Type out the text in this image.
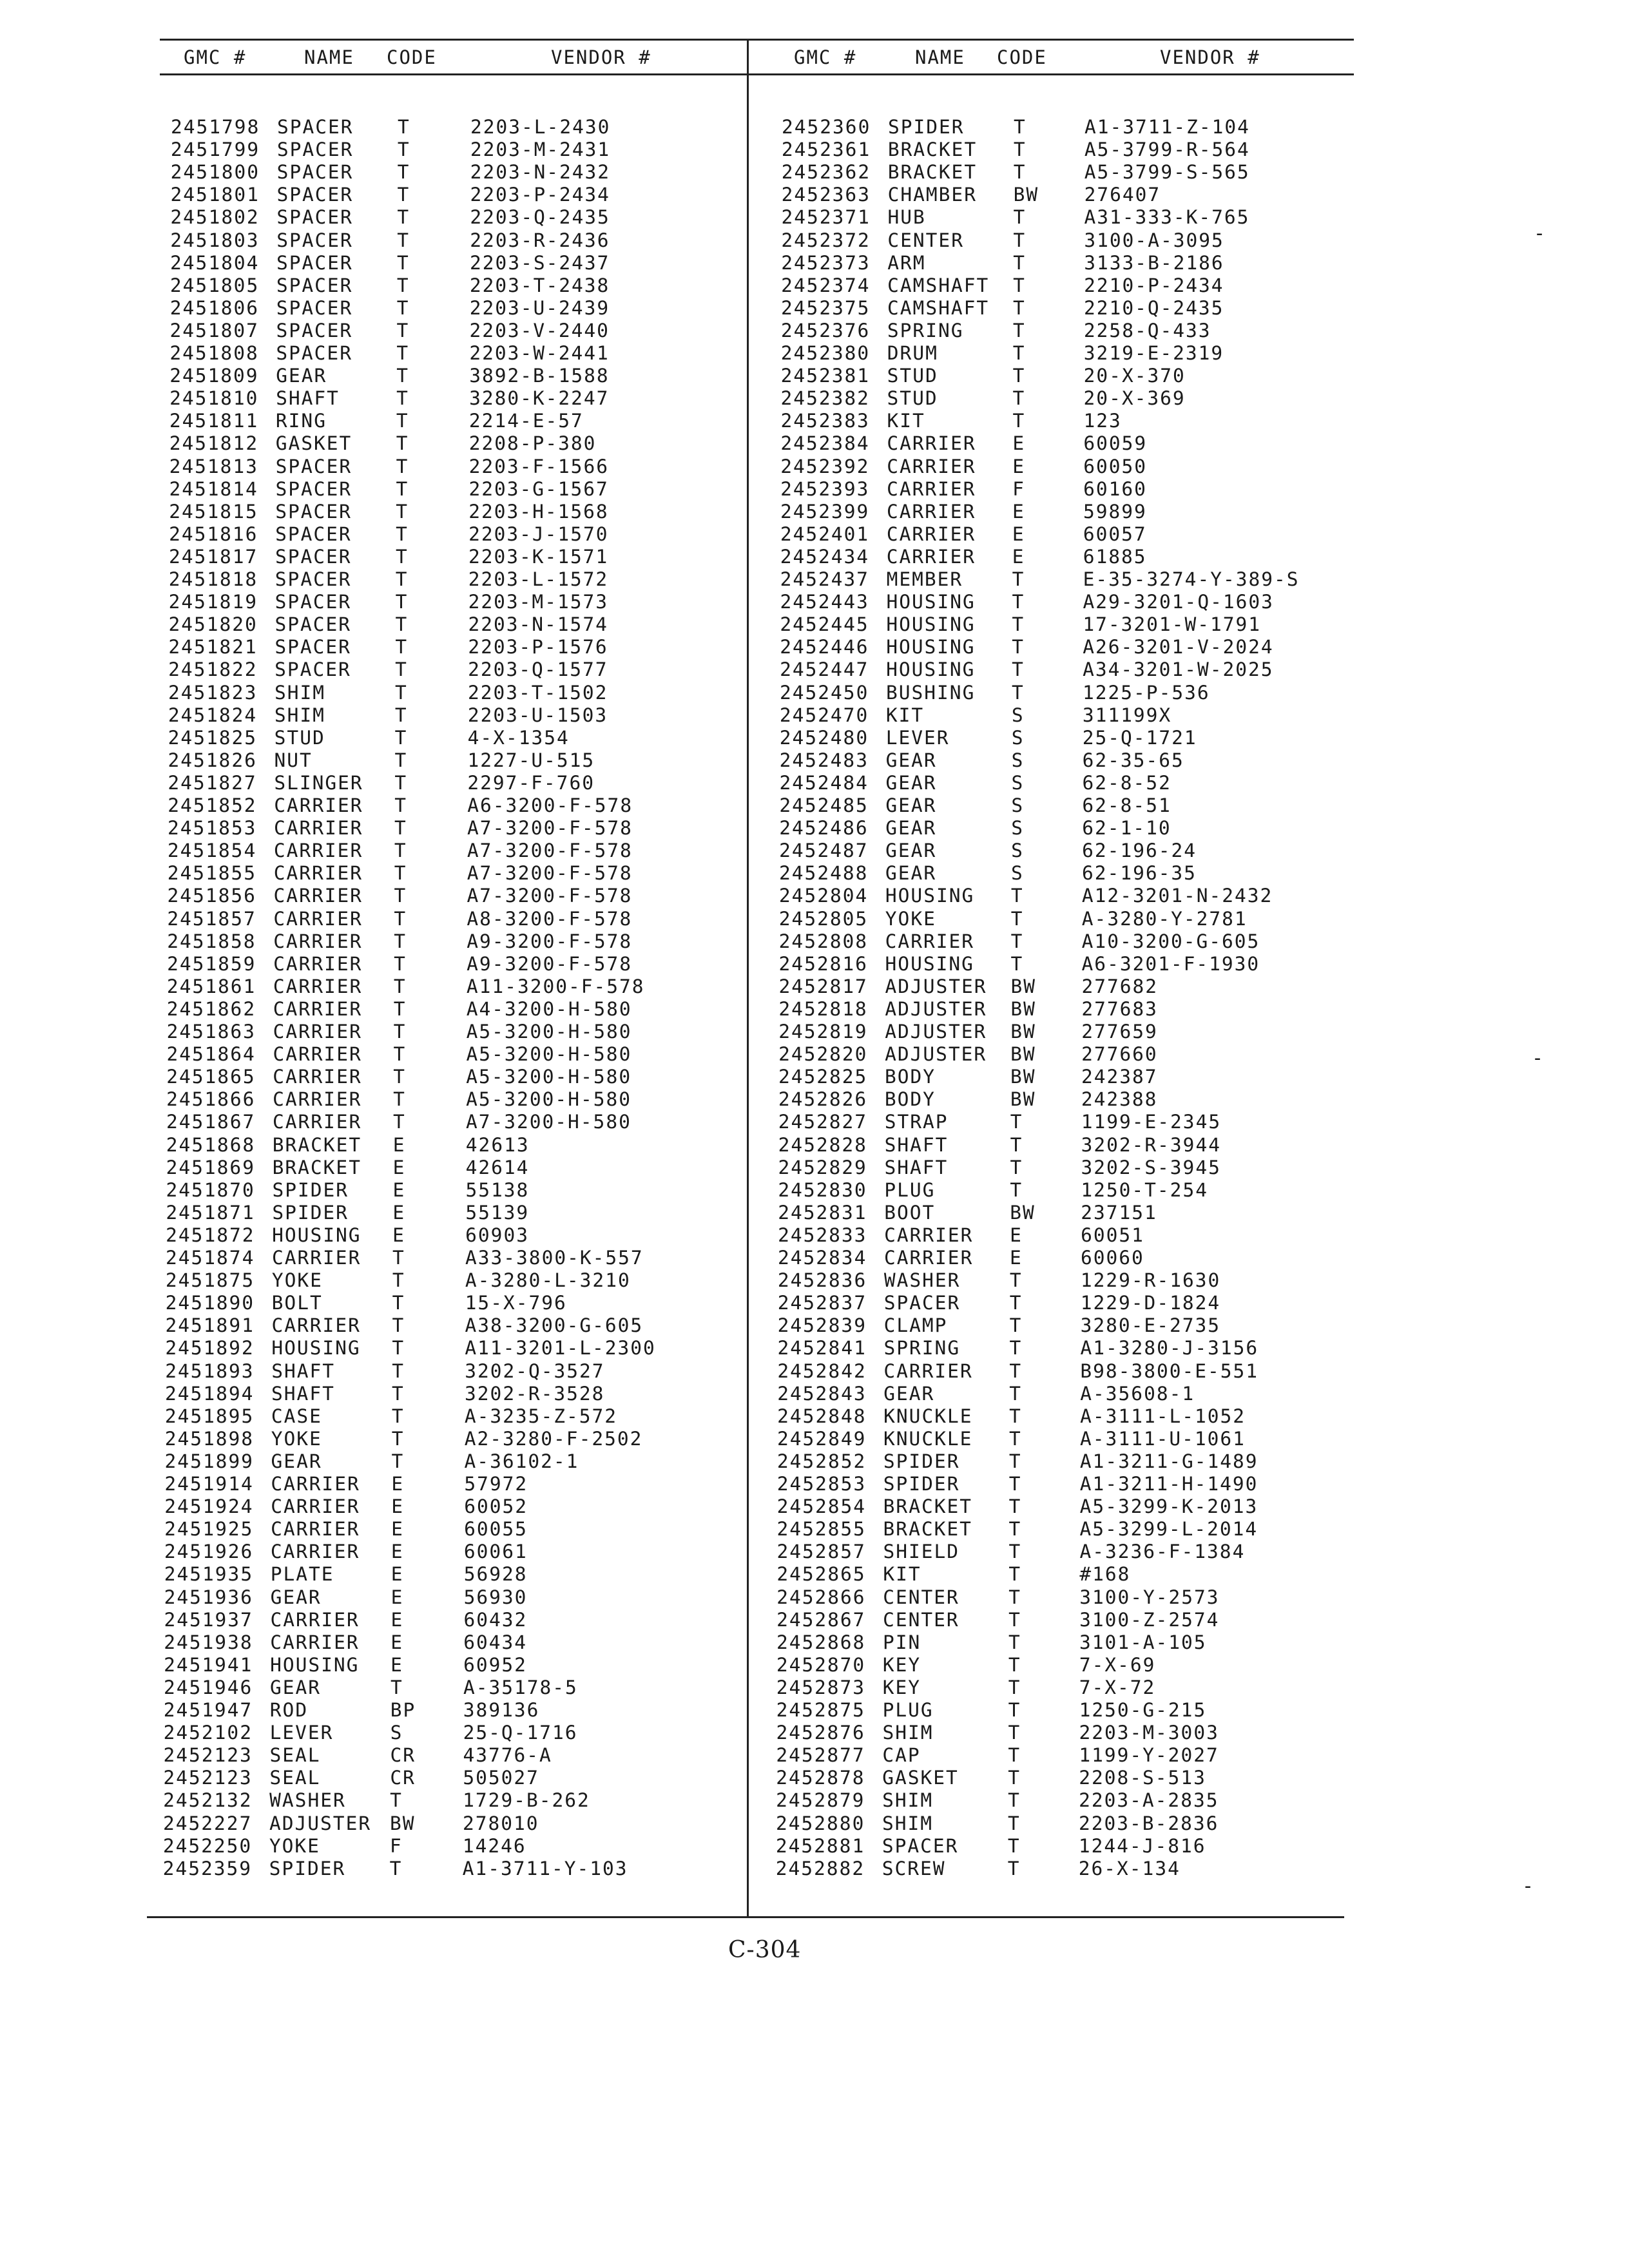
GMC #	NAME CODE	VENDOR #	GMC #	NAME CODE	VENDOR #
2451798 SPACER T	2203-L-2430
2451799 SPACER T	2203-M-2431
2451800 SPACER T	2203-N-2432
2451801 SPACER T	2203-P-2434
2451802 SPACER T	2203-Q-2435
2451803 SPACER T	2203-R-2436
2451804 SPACER T	2203-S-2437
2451805 SPACER T	2203-T-2438
2451806 SPACER T	2203-U-2439
2451807 SPACER T	2203-V-2440
2451808 SPACER T	2203-W-2441
2451809 GEAR	T	3892-B-1588
2451810 SHAFT	T	3280-K-2247
2451811 RING	T	2214-E-57
2451812 GASKET T	2208-P-380
2451813 SPACER T	2203-F-1566
2451814 SPACER T	2203-G-1567
2451815 SPACER T	2203-H-1568
2451816 SPACER T	2203-J-1570
2451817 SPACER T	2203-K-1571
2451818 SPACER T	2203-L-1572
2451819 SPACER T	2203-M-1573
2451820 SPACER T	2203-N-1574
2451821 SPACER T	2203-P-1576
2451822 SPACER T	2203-Q-1577
2451823 SHIM	T	2203-T-1502
2451824 SHIM	T	2203-U-1503
2451825 STUD	T	4-X-1354
2451826 NUT	T	1227-U-515
2451827 SLINGER T	2297-F-760
2451852 CARRIER T	A6-3200-F-578
2451853 CARRIER T	A7-3200-F-578
2451854 CARRIER T	A7-3200-F-578
2451855 CARRIER T	A7-3200-F-578
2451856 CARRIER T	A7-3200-F-578
2451857 CARRIER T	A8-3200-F-578
2451858 CARRIER T	A9-3200-F-578
2451859 CARRIER T	A9-3200-F-578
2451861 CARRIER T	A11-3200-F-578
2451862 CARRIER T	A4-3200-H-580
2451863 CARRIER T	A5-3200-H-580
2451864 CARRIER T	A5-3200-H-580
2451865 CARRIER T	A5-3200-H-580
2451866 CARRIER T	A5-3200-H-580
2451867 CARRIER T	A7-3200-H-580
2451868 BRACKET E	42613
2451869 BRACKET E	42614
2451870 SPIDER E	55138
2451871 SPIDER E	55139
2451872 HOUSING E	60903
2451874 CARRIER T	A33-3800-K-557
2451875 YOKE	T	A-3280-L-3210
2451890 BOLT	T	15-X-796
2451891 CARRIER T	A38-3200-G-605
2451892 HOUSING T	A11-3201-L-2300
2451893 SHAFT	T	3202-Q-3527
2451894 SHAFT	T	3202-R-3528
2451895 CASE	T	A-3235-Z-572
2451898 YOKE	T	A2-3280-F-2502
2451899 GEAR	T	A-36102-1
2451914 CARRIER E	57972
2451924 CARRIER E	60052
2451925 CARRIER E	60055
2451926 CARRIER E	60061
2451935 PLATE	E	56928
2451936 GEAR	E	56930
2451937 CARRIER E	60432
2451938 CARRIER E	60434
2451941 HOUSING E	60952
2451946 GEAR	T	A-35178-5
2451947 ROD	BP 389136
2452102 LEVER	S	25-Q-1716
2452123 SEAL	CR 43776-A
2452123 SEAL	CR 505027
2452132 WASHER T	1729-B-262
2452227 ADJUSTER BW 278010
2452250 YOKE	F	14246
2452359 SPIDER T	A1-3711-Y-103
2452360 SPIDER	T	A1-3711-Z-104
2452361 BRACKET T	A5-3799-R-564
2452362 BRACKET T	A5-3799-S-565
2452363 CHAMBER BW 276407
2452371 HUB	T	A31-333-K-765
2452372 CENTER	T	3100-A-3095
2452373 ARM	T	3133-B-2186
2452374 CAMSHAFT T	2210-P-2434
2452375 CAMSHAFT T	2210-Q-2435
2452376 SPRING	T	2258-Q-433
2452380 DRUM	T	3219-E-2319
2452381 STUD	T	20-X-370
2452382 STUD	T	20-X-369
2452383 KIT	T	123
2452384 CARRIER E	60059
2452392 CARRIER E	60050
2452393 CARRIER F	60160
2452399 CARRIER E	59899
2452401 CARRIER E	60057
2452434 CARRIER E	61885
2452437 MEMBER	T	E-35-3274-Y-389-S
2452443 HOUSING T	A29-3201-Q-1603
2452445 HOUSING T	17-3201-W-1791
2452446 HOUSING T	A26-3201-V-2024
2452447 HOUSING T	A34-3201-W-2025
2452450 BUSHING T	1225-P-536
2452470 KIT	S	311199X
2452480 LEVER	S	25-Q-1721
2452483 GEAR	S	62-35-65
2452484 GEAR	S	62-8-52
2452485 GEAR	S	62-8-51
2452486 GEAR	S	62-1-10
2452487 GEAR	S	62-196-24
2452488 GEAR	S	62-196-35
2452804 HOUSING T	A12-3201-N-2432
2452805 YOKE	T	A-3280-Y-2781
2452808 CARRIER T	A10-3200-G-605
2452816 HOUSING T	A6-3201-F-1930
2452817 ADJUSTER BW 277682
2452818 ADJUSTER BW 277683
2452819 ADJUSTER BW 277659
2452820 ADJUSTER BW 277660
2452825 BODY	BW 242387
2452826 BODY	BW 242388
2452827 STRAP	T	1199-E-2345
2452828 SHAFT	T	3202-R-3944
2452829 SHAFT	T	3202-S-3945
2452830 PLUG	T	1250-T-254
2452831 BOOT	BW 237151
2452833 CARRIER E	60051
2452834 CARRIER E	60060
2452836 WASHER	T	1229-R-1630
2452837 SPACER	T	1229-D-1824
2452839 CLAMP	T	3280-E-2735
2452841 SPRING	T	A1-3280-J-3156
2452842 CARRIER T	B98-3800-E-551
2452843 GEAR	T	A-35608-1
2452848 KNUCKLE T	A-3111-L-1052
2452849 KNUCKLE T	A-3111-U-1061
2452852 SPIDER	T	A1-3211-G-1489
2452853 SPIDER	T	A1-3211-H-1490
2452854 BRACKET T	A5-3299-K-2013
2452855 BRACKET T	A5-3299-L-2014
2452857 SHIELD	T	A-3236-F-1384
2452865 KIT	T	#168
2452866 CENTER	T	3100-Y-2573
2452867 CENTER	T	3100-Z-2574
2452868 PIN	T	3101-A-105
2452870 KEY	T	7-X-69
2452873 KEY	T	7-X-72
2452875 PLUG	T	1250-G-215
2452876 SHIM	T	2203-M-3003
2452877 CAP	T	1199-Y-2027
2452878 GASKET	T	2208-S-513
2452879 SHIM	T	2203-A-2835
2452880 SHIM	T	2203-B-2836
2452881 SPACER	T	1244-J-816
2452882 SCREW	T	26-X-134
-
-
-
C-304
